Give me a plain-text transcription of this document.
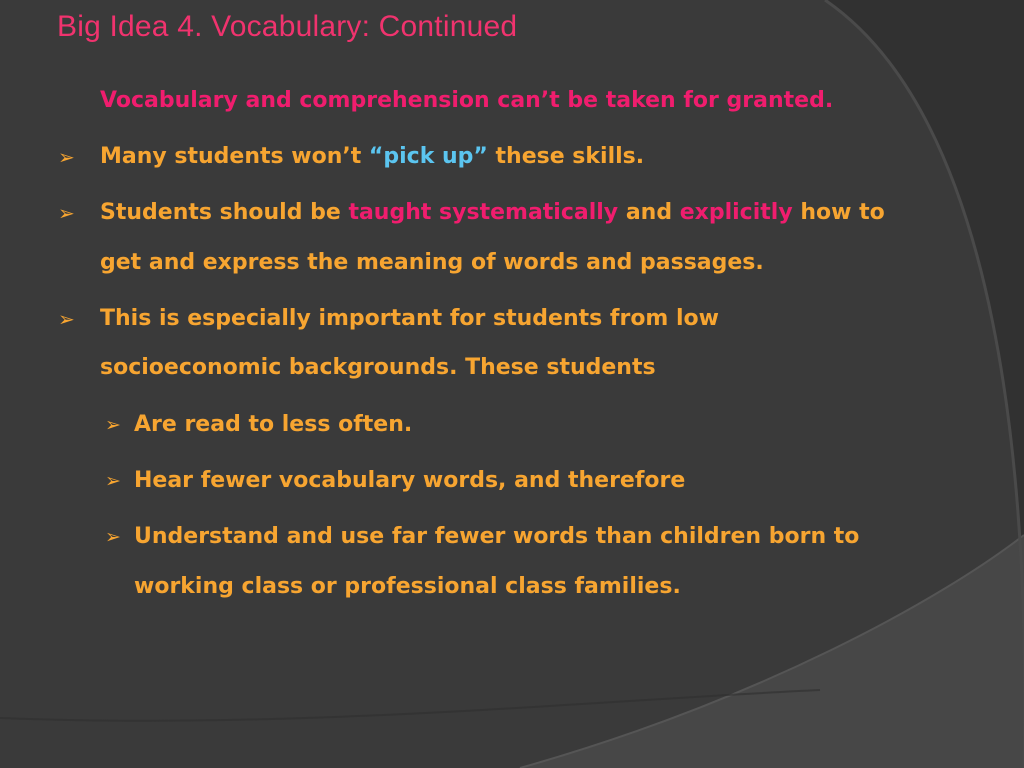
Big Idea 4. Vocabulary: Continued
Vocabulary and comprehension can’t be taken for granted.
➢ Many students won’t “pick up” these skills.
➢ Students should be taught systematically and explicitly how to
get and express the meaning of words and passages.
➢ This is especially important for students from low
socioeconomic backgrounds. These students
➢ Are read to less often.
➢ Hear fewer vocabulary words, and therefore
➢ Understand and use far fewer words than children born to
working class or professional class families.
